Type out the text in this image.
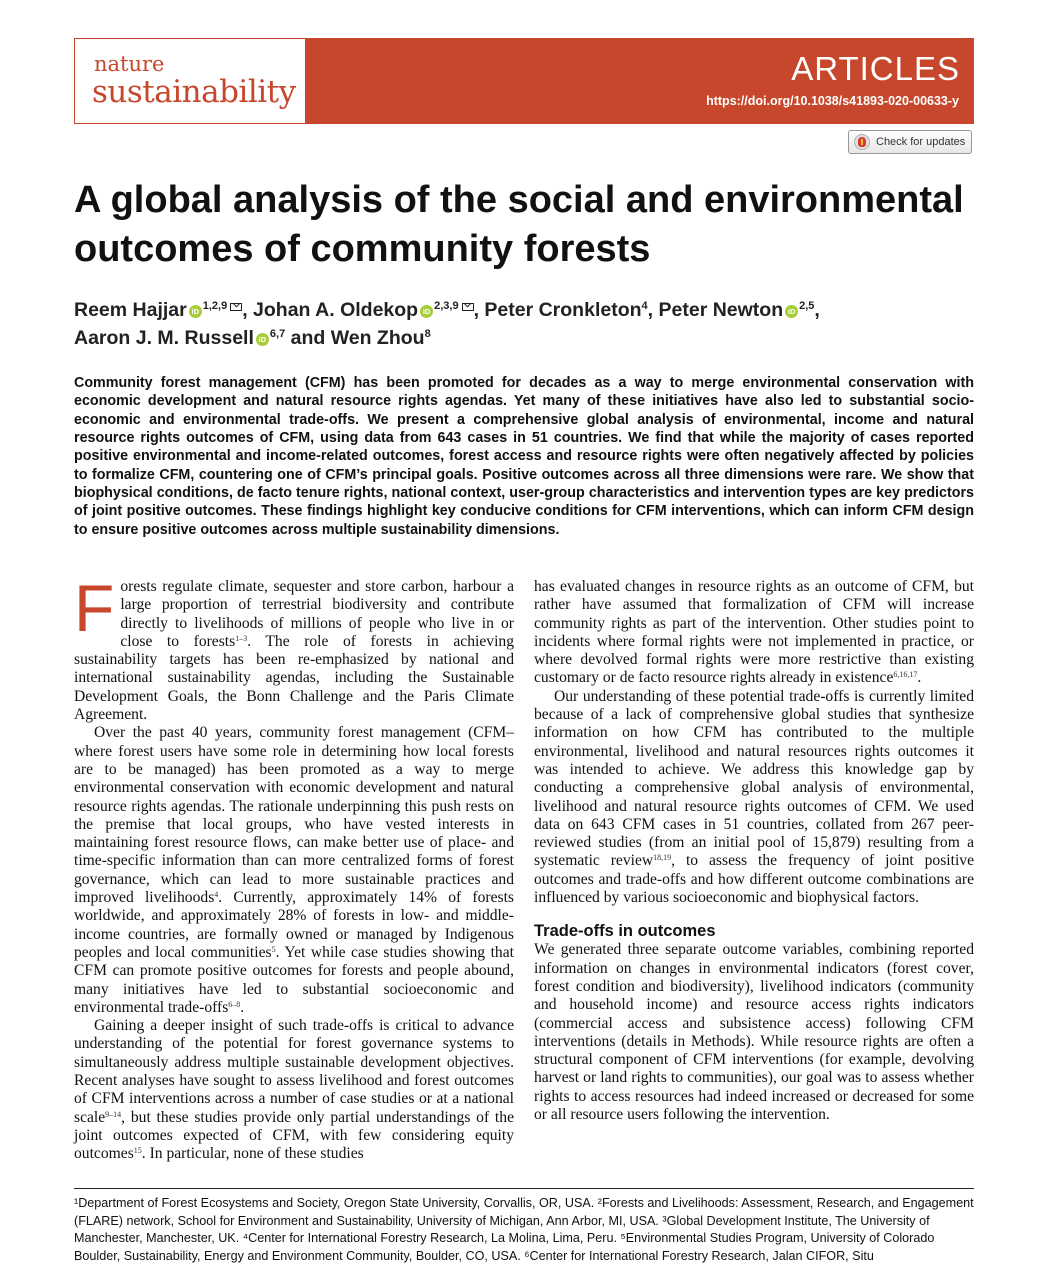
nature
sustainability
ARTICLES
https://doi.org/10.1038/s41893-020-00633-y
Check for updates
A global analysis of the social and environmental outcomes of community forests
Reem Hajjar iD $^{1,2,9}$ , Johan A. Oldekop iD $^{2,3,9}$ , Peter Cronkleton$^4$, Peter Newton iD $^{2,5}$,
Aaron J. M. Russell iD $^{6,7}$ and Wen Zhou$^8$

Community forest management (CFM) has been promoted for decades as a way to merge environmental conservation with economic development and natural resource rights agendas. Yet many of these initiatives have also led to substantial socio-economic and environmental trade-offs. We present a comprehensive global analysis of environmental, income and natural resource rights outcomes of CFM, using data from 643 cases in 51 countries. We find that while the majority of cases reported positive environmental and income-related outcomes, forest access and resource rights were often negatively affected by policies to formalize CFM, countering one of CFM’s principal goals. Positive outcomes across all three dimensions were rare. We show that biophysical conditions, de facto tenure rights, national context, user-group characteristics and intervention types are key predictors of joint positive outcomes. These findings highlight key conducive conditions for CFM interventions, which can inform CFM design to ensure positive outcomes across multiple sustainability dimensions.

Forests regulate climate, sequester and store carbon, harbour a large proportion of terrestrial biodiversity and contribute directly to livelihoods of millions of people who live in or close to forests$^{1-3}$. The role of forests in achieving sustainability targets has been re-emphasized by national and international sustainability agendas, including the Sustainable Development Goals, the Bonn Challenge and the Paris Climate Agreement.

Over the past 40 years, community forest management (CFM– where forest users have some role in determining how local forests are to be managed) has been promoted as a way to merge environmental conservation with economic development and natural resource rights agendas. The rationale underpinning this push rests on the premise that local groups, who have vested interests in maintaining forest resource flows, can make better use of place- and time-specific information than can more centralized forms of forest governance, which can lead to more sustainable practices and improved livelihoods$^4$. Currently, approximately 14% of forests worldwide, and approximately 28% of forests in low- and middle-income countries, are formally owned or managed by Indigenous peoples and local communities$^5$. Yet while case studies showing that CFM can promote positive outcomes for forests and people abound, many initiatives have led to substantial socioeconomic and environmental trade-offs$^{6-8}$.

Gaining a deeper insight of such trade-offs is critical to advance understanding of the potential for forest governance systems to simultaneously address multiple sustainable development objectives. Recent analyses have sought to assess livelihood and forest outcomes of CFM interventions across a number of case studies or at a national scale$^{9-14}$, but these studies provide only partial understandings of the joint outcomes expected of CFM, with few considering equity outcomes$^{15}$. In particular, none of these studies

has evaluated changes in resource rights as an outcome of CFM, but rather have assumed that formalization of CFM will increase community rights as part of the intervention. Other studies point to incidents where formal rights were not implemented in practice, or where devolved formal rights were more restrictive than existing customary or de facto resource rights already in existence$^{6,16,17}$.

Our understanding of these potential trade-offs is currently limited because of a lack of comprehensive global studies that synthesize information on how CFM has contributed to the multiple environmental, livelihood and natural resources rights outcomes it was intended to achieve. We address this knowledge gap by conducting a comprehensive global analysis of environmental, livelihood and natural resource rights outcomes of CFM. We used data on 643 CFM cases in 51 countries, collated from 267 peer-reviewed studies (from an initial pool of 15,879) resulting from a systematic review$^{18,19}$, to assess the frequency of joint positive outcomes and trade-offs and how different outcome combinations are influenced by various socioeconomic and biophysical factors.

Trade-offs in outcomes

We generated three separate outcome variables, combining reported information on changes in environmental indicators (forest cover, forest condition and biodiversity), livelihood indicators (community and household income) and resource access rights indicators (commercial access and subsistence access) following CFM interventions (details in Methods). While resource rights are often a structural component of CFM interventions (for example, devolving harvest or land rights to communities), our goal was to assess whether rights to access resources had indeed increased or decreased for some or all resource users following the intervention.

¹Department of Forest Ecosystems and Society, Oregon State University, Corvallis, OR, USA. ²Forests and Livelihoods: Assessment, Research, and Engagement (FLARE) network, School for Environment and Sustainability, University of Michigan, Ann Arbor, MI, USA. ³Global Development Institute, The University of Manchester, Manchester, UK. ⁴Center for International Forestry Research, La Molina, Lima, Peru. ⁵Environmental Studies Program, University of Colorado Boulder, Sustainability, Energy and Environment Community, Boulder, CO, USA. ⁶Center for International Forestry Research, Jalan CIFOR, Situ
